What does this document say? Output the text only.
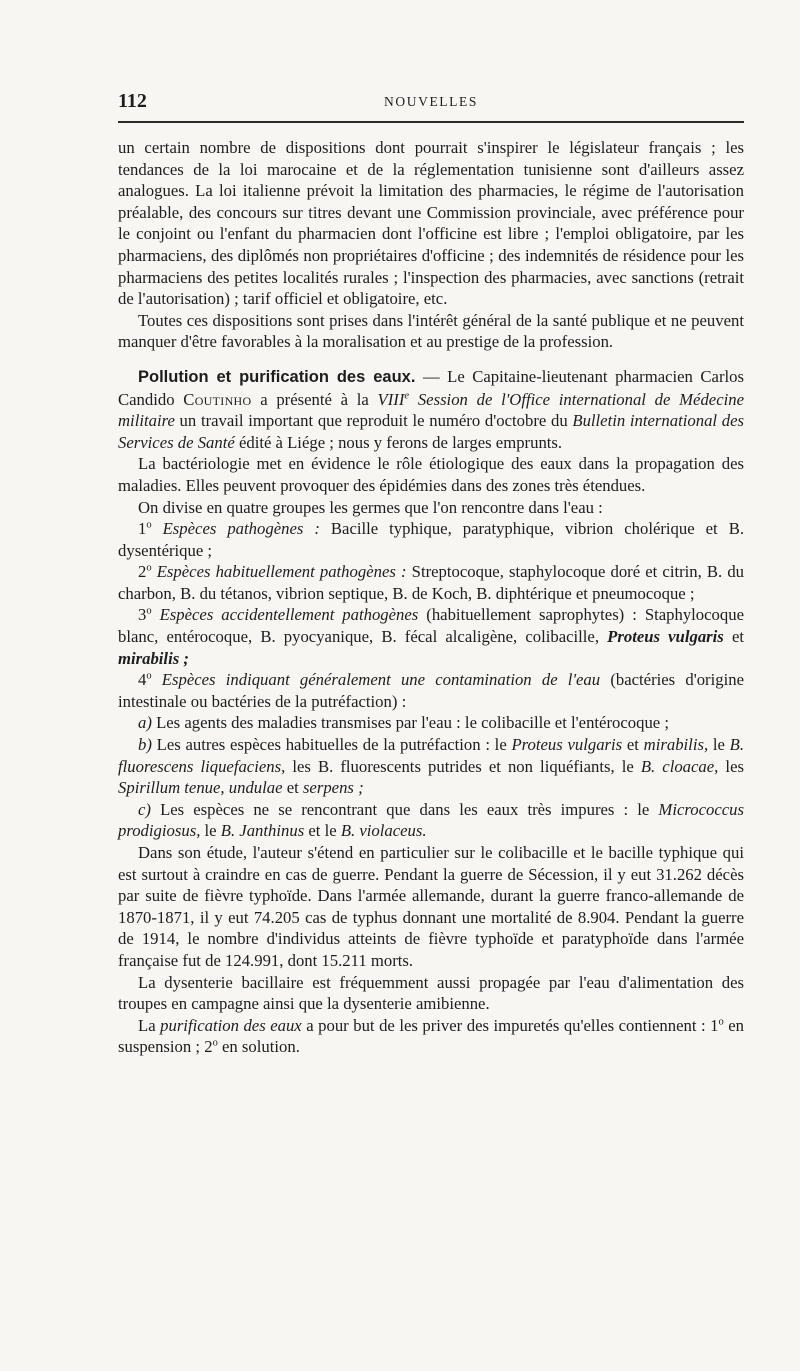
112	NOUVELLES

un certain nombre de dispositions dont pourrait s'inspirer le législateur français ; les tendances de la loi marocaine et de la réglementation tunisienne sont d'ailleurs assez analogues. La loi italienne prévoit la limitation des pharmacies, le régime de l'autorisation préalable, des concours sur titres devant une Commission provinciale, avec préférence pour le conjoint ou l'enfant du pharmacien dont l'officine est libre ; l'emploi obligatoire, par les pharmaciens, des diplômés non propriétaires d'officine ; des indemnités de résidence pour les pharmaciens des petites localités rurales ; l'inspection des pharmacies, avec sanctions (retrait de l'autorisation) ; tarif officiel et obligatoire, etc.

Toutes ces dispositions sont prises dans l'intérêt général de la santé publique et ne peuvent manquer d'être favorables à la moralisation et au prestige de la profession.

Pollution et purification des eaux. — Le Capitaine-lieutenant pharmacien Carlos Candido Coutinho a présenté à la VIIIe Session de l'Office international de Médecine militaire un travail important que reproduit le numéro d'octobre du Bulletin international des Services de Santé édité à Liége ; nous y ferons de larges emprunts.

La bactériologie met en évidence le rôle étiologique des eaux dans la propagation des maladies. Elles peuvent provoquer des épidémies dans des zones très étendues.

On divise en quatre groupes les germes que l'on rencontre dans l'eau :

1$^o$ Espèces pathogènes : Bacille typhique, paratyphique, vibrion cholérique et B. dysentérique ;

2$^o$ Espèces habituellement pathogènes : Streptocoque, staphylocoque doré et citrin, B. du charbon, B. du tétanos, vibrion septique, B. de Koch, B. diphtérique et pneumocoque ;

3$^o$ Espèces accidentellement pathogènes (habituellement saprophytes) : Staphylocoque blanc, entérocoque, B. pyocyanique, B. fécal alcaligène, colibacille, Proteus vulgaris et mirabilis ;

4$^o$ Espèces indiquant généralement une contamination de l'eau (bactéries d'origine intestinale ou bactéries de la putréfaction) :

a) Les agents des maladies transmises par l'eau : le colibacille et l'entérocoque ;

b) Les autres espèces habituelles de la putréfaction : le Proteus vulgaris et mirabilis, le B. fluorescens liquefaciens, les B. fluorescents putrides et non liquéfiants, le B. cloacae, les Spirillum tenue, undulae et serpens ;

c) Les espèces ne se rencontrant que dans les eaux très impures : le Micrococcus prodigiosus, le B. Janthinus et le B. violaceus.

Dans son étude, l'auteur s'étend en particulier sur le colibacille et le bacille typhique qui est surtout à craindre en cas de guerre. Pendant la guerre de Sécession, il y eut 31.262 décès par suite de fièvre typhoïde. Dans l'armée allemande, durant la guerre franco-allemande de 1870-1871, il y eut 74.205 cas de typhus donnant une mortalité de 8.904. Pendant la guerre de 1914, le nombre d'individus atteints de fièvre typhoïde et paratyphoïde dans l'armée française fut de 124.991, dont 15.211 morts.

La dysenterie bacillaire est fréquemment aussi propagée par l'eau d'alimentation des troupes en campagne ainsi que la dysenterie amibienne.

La purification des eaux a pour but de les priver des impuretés qu'elles contiennent : 1$^o$ en suspension ; 2$^o$ en solution.
